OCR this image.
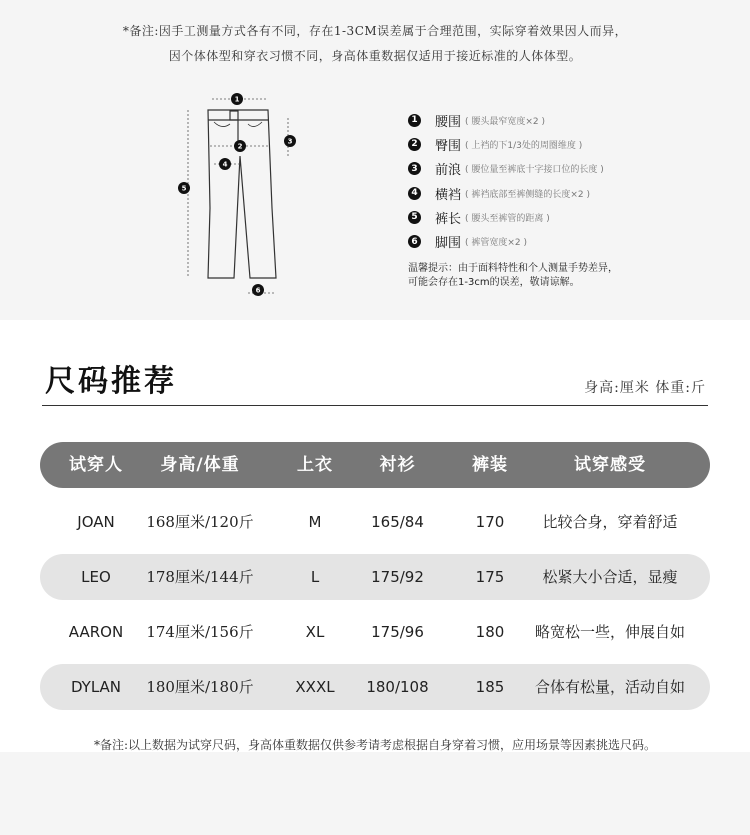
*备注:因手工测量方式各有不同，存在1-3CM误差属于合理范围，实际穿着效果因人而异，
因个体体型和穿衣习惯不同，身高体重数据仅适用于接近标准的人体体型。
1
2
3
4
5
6
1 腰围 ( 腰头最窄宽度×2 )
2 臀围 ( 上裆的下1/3处的周圈维度 )
3 前浪 ( 腰位量至裤底十字接口位的长度 )
4 横裆 ( 裤裆底部至裤侧缝的长度×2 )
5 裤长 ( 腰头至裤管的距离 )
6 脚围 ( 裤管宽度×2 )
温馨提示：由于面料特性和个人测量手势差异，
可能会存在1-3cm的误差，敬请谅解。
尺码推荐	身高:厘米 体重:斤
试穿人	身高/体重	上衣	衬衫	裤装	试穿感受
JOAN	168厘米/120斤	M	165/84	170	比较合身，穿着舒适
LEO	178厘米/144斤	L	175/92	175	松紧大小合适，显瘦
AARON	174厘米/156斤	XL	175/96	180	略宽松一些，伸展自如
DYLAN	180厘米/180斤	XXXL	180/108	185	合体有松量，活动自如
*备注:以上数据为试穿尺码，身高体重数据仅供参考请考虑根据自身穿着习惯，应用场景等因素挑选尺码。
